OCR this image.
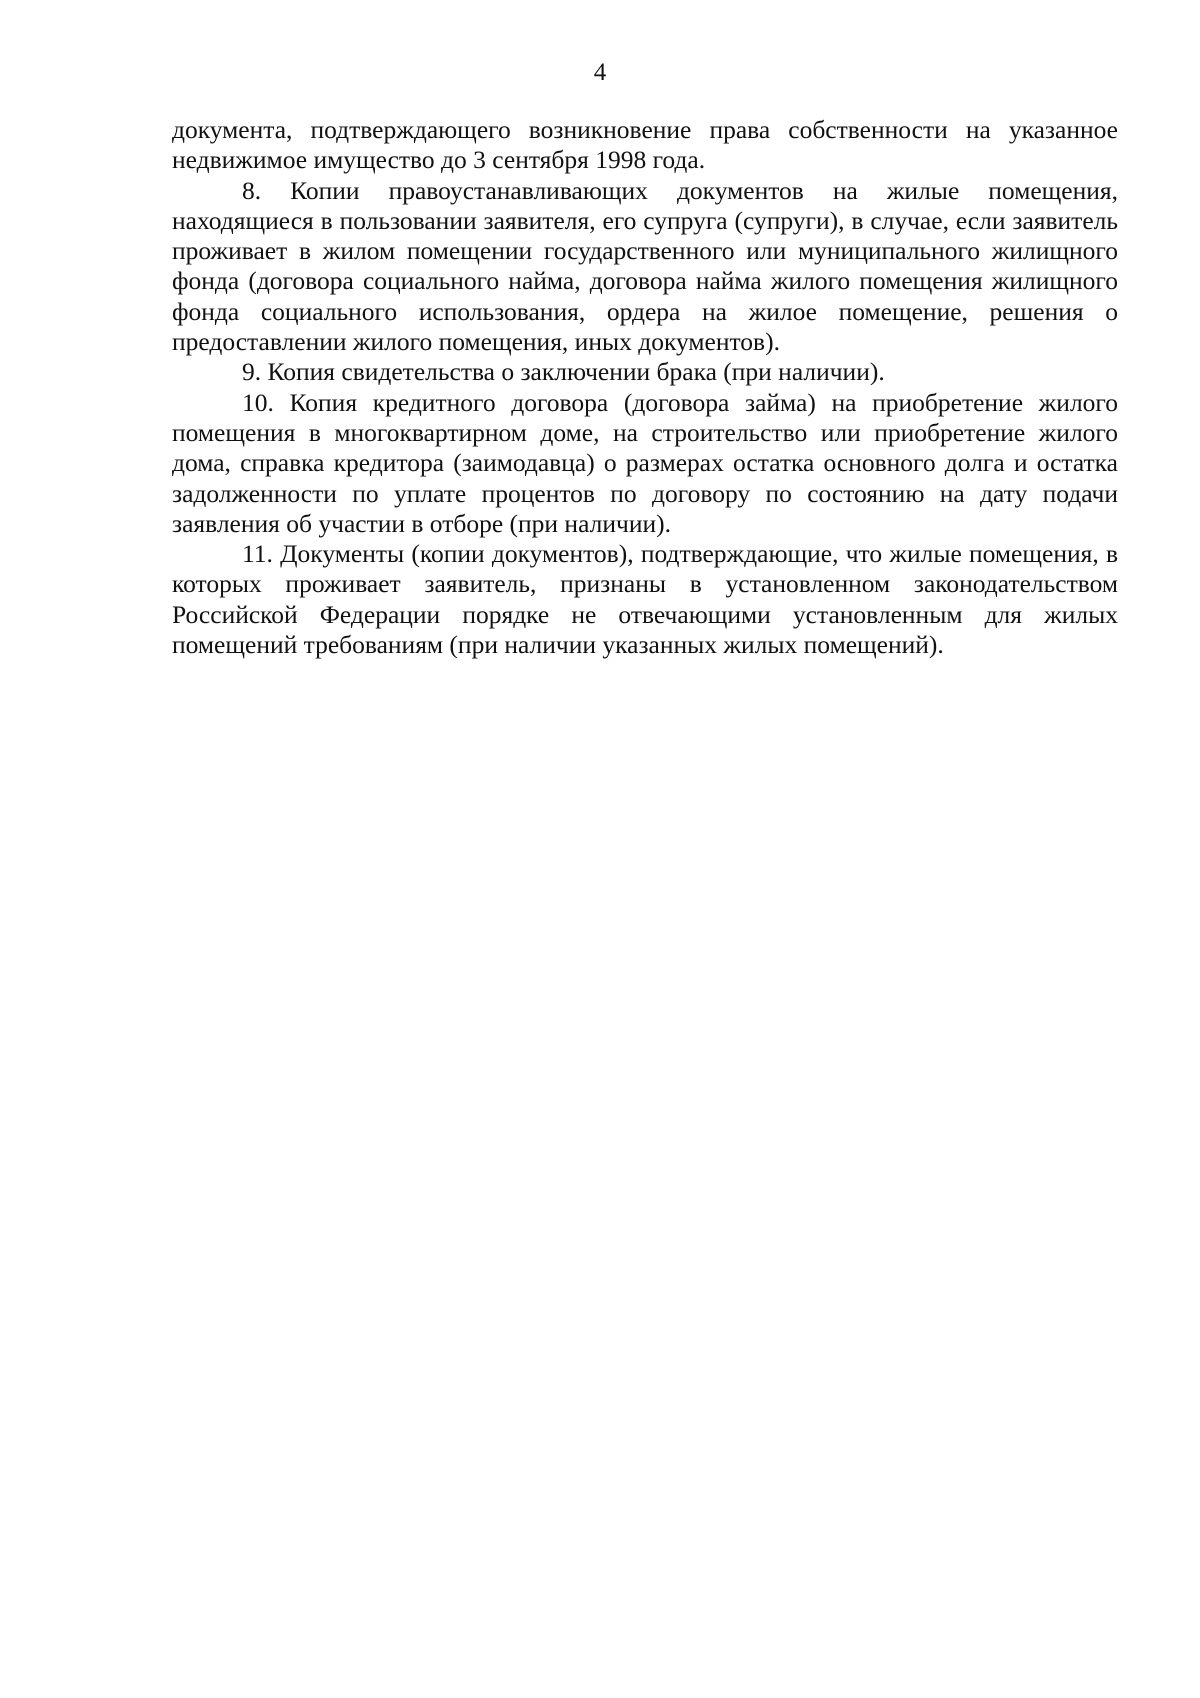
4

документа, подтверждающего возникновение права собственности на указанное недвижимое имущество до 3 сентября 1998 года.

8. Копии правоустанавливающих документов на жилые помещения, находящиеся в пользовании заявителя, его супруга (супруги), в случае, если заявитель проживает в жилом помещении государственного или муниципального жилищного фонда (договора социального найма, договора найма жилого помещения жилищного фонда социального использования, ордера на жилое помещение, решения о предоставлении жилого помещения, иных документов).

9. Копия свидетельства о заключении брака (при наличии).

10. Копия кредитного договора (договора займа) на приобретение жилого помещения в многоквартирном доме, на строительство или приобретение жилого дома, справка кредитора (заимодавца) о размерах остатка основного долга и остатка задолженности по уплате процентов по договору по состоянию на дату подачи заявления об участии в отборе (при наличии).

11. Документы (копии документов), подтверждающие, что жилые помещения, в которых проживает заявитель, признаны в установленном законодательством Российской Федерации порядке не отвечающими установленным для жилых помещений требованиям (при наличии указанных жилых помещений).
